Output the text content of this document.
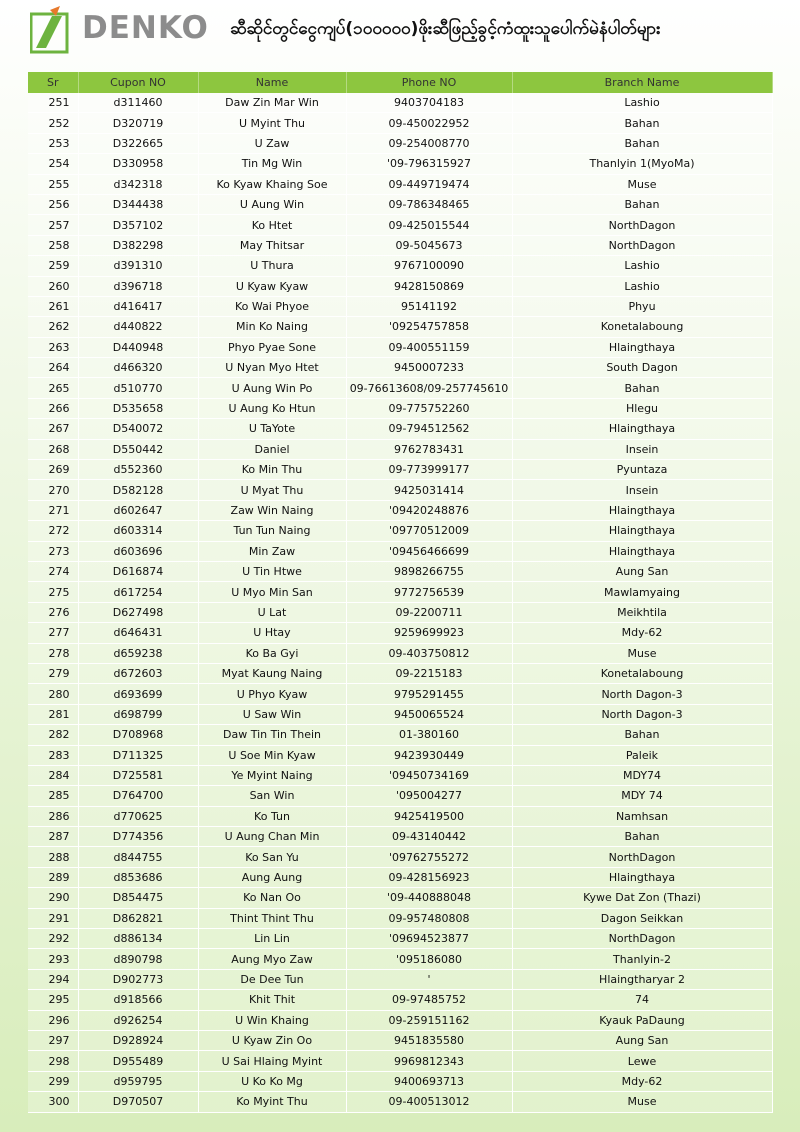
DENKO ဆီဆိုင်တွင်ငွေကျပ်(၁၀၀၀၀၀)ဖိုးဆီဖြည့်ခွင့်ကံထူးသူပေါက်မဲနံပါတ်များ
Sr	Cupon NO	Name	Phone NO	Branch Name
251	d311460	Daw Zin Mar Win	9403704183	Lashio
252	D320719	U Myint Thu	09-450022952	Bahan
253	D322665	U Zaw	09-254008770	Bahan
254	D330958	Tin Mg Win	'09-796315927	Thanlyin 1(MyoMa)
255	d342318	Ko Kyaw Khaing Soe	09-449719474	Muse
256	D344438	U Aung Win	09-786348465	Bahan
257	D357102	Ko Htet	09-425015544	NorthDagon
258	D382298	May Thitsar	09-5045673	NorthDagon
259	d391310	U Thura	9767100090	Lashio
260	d396718	U Kyaw Kyaw	9428150869	Lashio
261	d416417	Ko Wai Phyoe	95141192	Phyu
262	d440822	Min Ko Naing	'09254757858	Konetalaboung
263	D440948	Phyo Pyae Sone	09-400551159	Hlaingthaya
264	d466320	U Nyan Myo Htet	9450007233	South Dagon
265	d510770	U Aung Win Po	09-76613608/09-257745610	Bahan
266	D535658	U Aung Ko Htun	09-775752260	Hlegu
267	D540072	U TaYote	09-794512562	Hlaingthaya
268	D550442	Daniel	9762783431	Insein
269	d552360	Ko Min Thu	09-773999177	Pyuntaza
270	D582128	U Myat Thu	9425031414	Insein
271	d602647	Zaw Win Naing	'09420248876	Hlaingthaya
272	d603314	Tun Tun Naing	'09770512009	Hlaingthaya
273	d603696	Min Zaw	'09456466699	Hlaingthaya
274	D616874	U Tin Htwe	9898266755	Aung San
275	d617254	U Myo Min San	9772756539	Mawlamyaing
276	D627498	U Lat	09-2200711	Meikhtila
277	d646431	U Htay	9259699923	Mdy-62
278	d659238	Ko Ba Gyi	09-403750812	Muse
279	d672603	Myat Kaung Naing	09-2215183	Konetalaboung
280	d693699	U Phyo Kyaw	9795291455	North Dagon-3
281	d698799	U Saw Win	9450065524	North Dagon-3
282	D708968	Daw Tin Tin Thein	01-380160	Bahan
283	D711325	U Soe Min Kyaw	9423930449	Paleik
284	D725581	Ye Myint Naing	'09450734169	MDY74
285	D764700	San Win	'095004277	MDY 74
286	d770625	Ko Tun	9425419500	Namhsan
287	D774356	U Aung Chan Min	09-43140442	Bahan
288	d844755	Ko San Yu	'09762755272	NorthDagon
289	d853686	Aung Aung	09-428156923	Hlaingthaya
290	D854475	Ko Nan Oo	'09-440888048	Kywe Dat Zon (Thazi)
291	D862821	Thint Thint Thu	09-957480808	Dagon Seikkan
292	d886134	Lin Lin	'09694523877	NorthDagon
293	d890798	Aung Myo Zaw	'095186080	Thanlyin-2
294	D902773	De Dee Tun	'	Hlaingtharyar 2
295	d918566	Khit Thit	09-97485752	74
296	d926254	U Win Khaing	09-259151162	Kyauk PaDaung
297	D928924	U Kyaw Zin Oo	9451835580	Aung San
298	D955489	U Sai Hlaing Myint	9969812343	Lewe
299	d959795	U Ko Ko Mg	9400693713	Mdy-62
300	D970507	Ko Myint Thu	09-400513012	Muse
